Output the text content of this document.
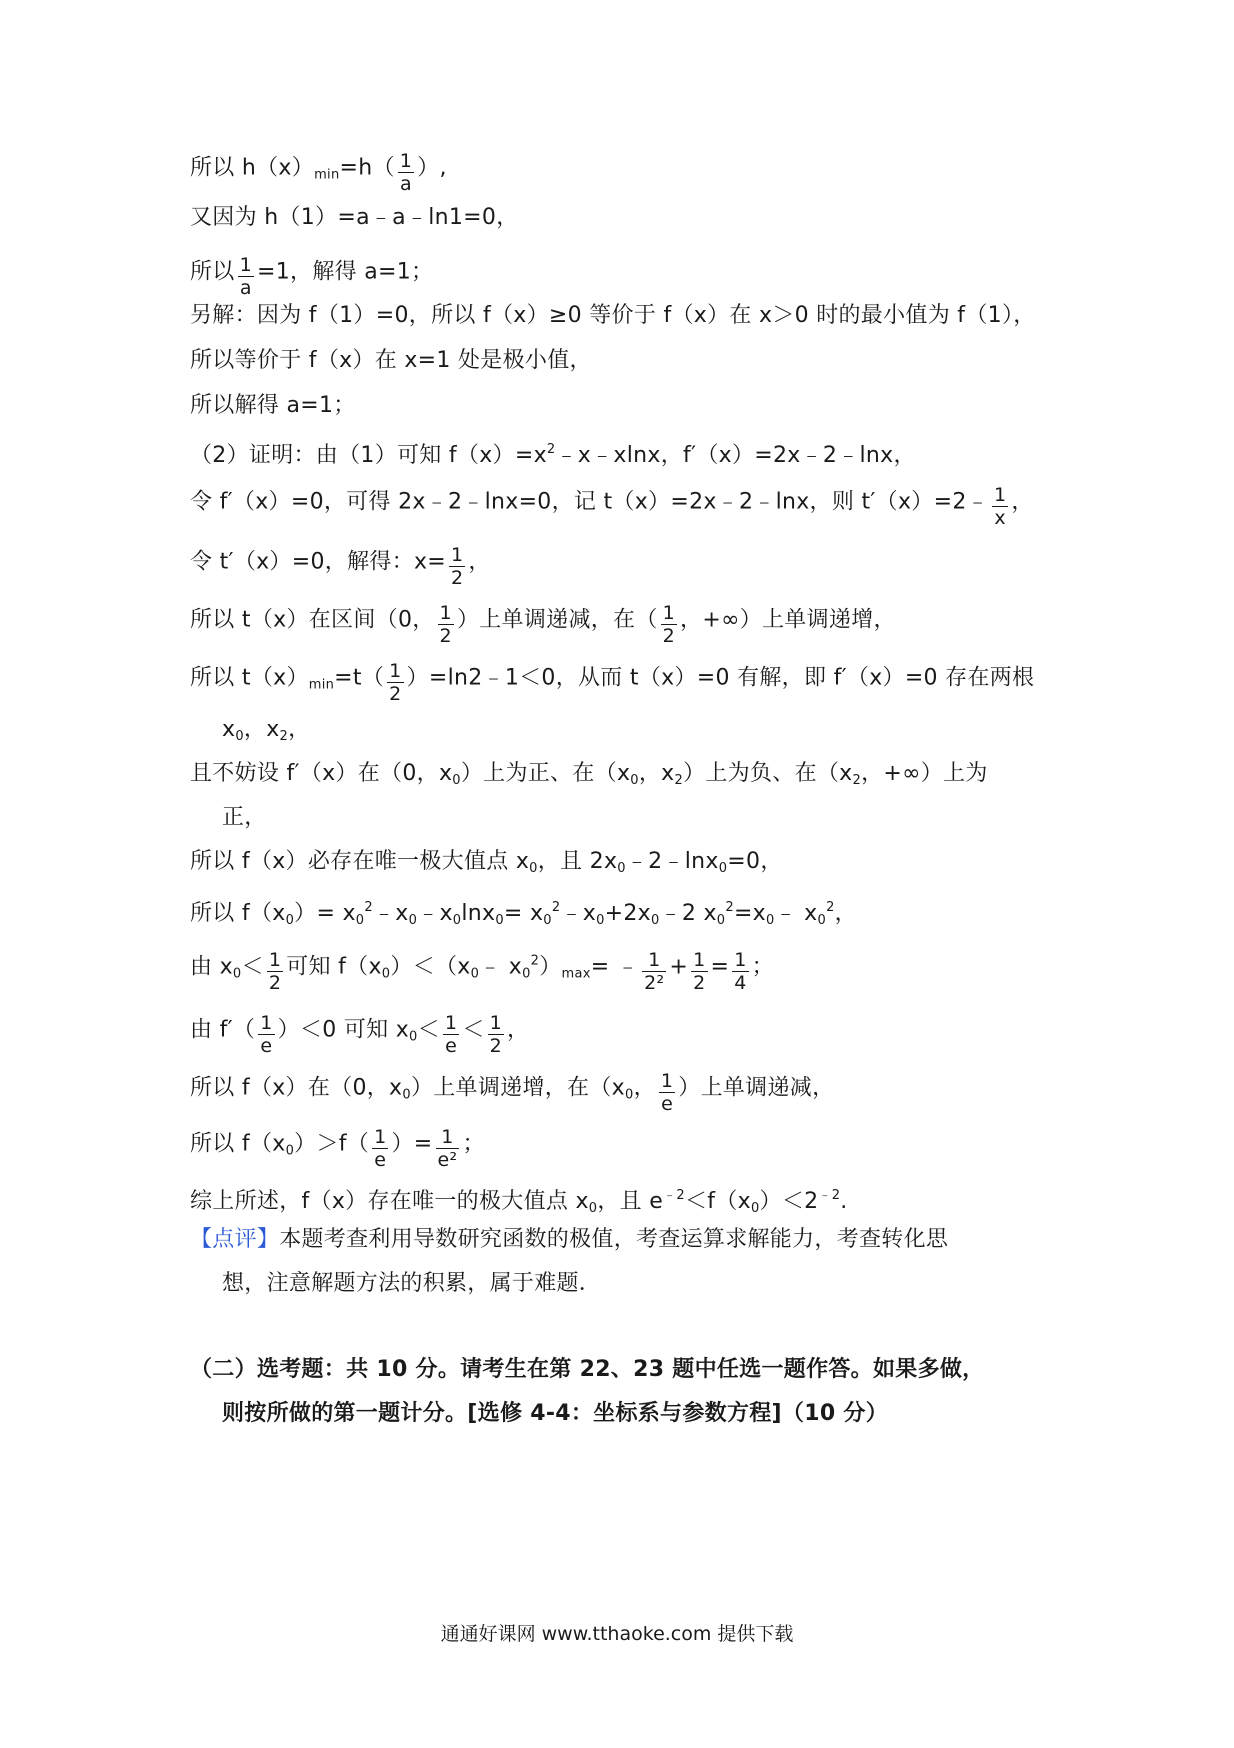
所以 $h(x)_{min}=h( \frac{1}{a}$ ）,
又因为 h（1）=a﹣a﹣ln1=0，
所以 $\frac{1}{a} =1$，解得 a=1；
另解：因为 f（1）=0，所以 f（x）≥0 等价于 f（x）在 x＞0 时的最小值为 f（1），
所以等价于 f（x）在 x=1 处是极小值，
所以解得 a=1；
（2）证明：由（1）可知 $f(x)=x^2﹣x﹣xlnx$，f′（x）=2x﹣2﹣lnx，
令 f′（x）=0，可得 2x﹣2﹣lnx=0，记 t（x）=2x﹣2﹣lnx，则 t′（x）=2﹣ $\frac{1}{x}$ ，
令 t′（x）=0，解得：$x= \frac{1}{2}$ ，
所以 t（x）在区间（0， $\frac{1}{2}$ ）上单调递减，在（ $\frac{1}{2}$ ，+∞）上单调递增，
所以 $t(x)_{min}=t( \frac{1}{2}$ ）=ln2﹣1＜0，从而 t（x）=0 有解，即 f′（x）=0 存在两根
$x_0$，$x_2$，
且不妨设 f′（x）在（0，$x_0$）上为正、在（$x_0$，$x_2$）上为负、在（$x_2$，+∞）上为
正，
所以 f（x）必存在唯一极大值点 $x_0$，且 $2x_0﹣2﹣\ln x_0=0$，
所以 $f(x_0)=$ $x_0^2﹣x_0﹣x_0\ln x_0=$ $x_0^2﹣x_0+2x_0﹣2$ $x_0^2=x_0﹣$ $x_0^2$，
由 $x_0< \frac{1}{2}$ 可知 $f(x_0)<(x_0﹣$ $x_0^2)_{max}=$ ﹣ $\frac{1}{\text{2²}} + \frac{1}{2} = \frac{1}{4}$ ；
由 $f'( \frac{1}{e} )<0$ 可知 $x_0< \frac{1}{e} < \frac{1}{2}$ ，
所以 f（x）在（0，$x_0$）上单调递增，在（$x_0$， $\frac{1}{e}$ ）上单调递减，
所以 $f(x_0)>f( \frac{1}{e}$ ）= $\frac{1}{\text{e²}}$ ；
综上所述，f（x）存在唯一的极大值点 $x_0$，且 $e^{﹣2}<f(x_0)<2^{﹣2}$.
【点评】本题考查利用导数研究函数的极值，考查运算求解能力，考查转化思
想，注意解题方法的积累，属于难题．
（二）选考题：共 10 分。请考生在第 22、23 题中任选一题作答。如果多做，
则按所做的第一题计分。[选修 4-4：坐标系与参数方程]（10 分）
通通好课网 www.tthaoke.com 提供下载
